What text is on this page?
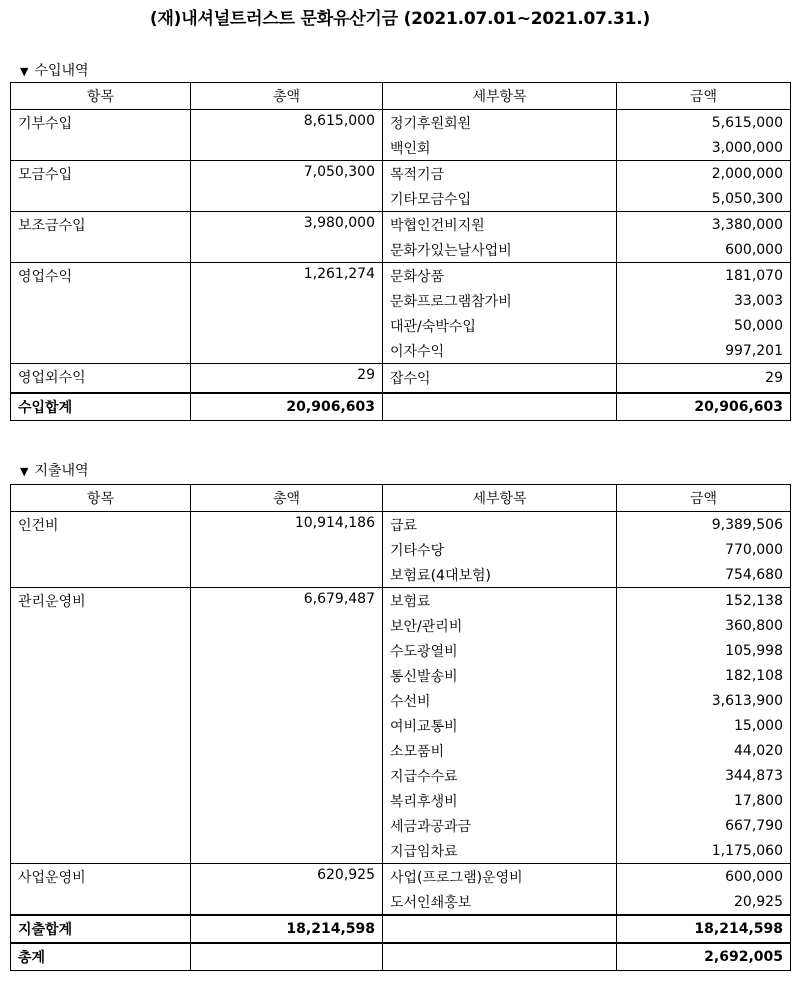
(재)내셔널트러스트 문화유산기금 (2021.07.01~2021.07.31.)
▼ 수입내역
항목	총액	세부항목	금액
기부수입	8,615,000	정기후원회원	5,615,000
		백인회	3,000,000
모금수입	7,050,300	목적기금	2,000,000
		기타모금수입	5,050,300
보조금수입	3,980,000	박협인건비지원	3,380,000
		문화가있는날사업비	600,000
영업수익	1,261,274	문화상품	181,070
		문화프로그램참가비	33,003
		대관/숙박수입	50,000
		이자수익	997,201
영업외수익	29	잡수익	29
수입합계	20,906,603		20,906,603
▼ 지출내역
항목	총액	세부항목	금액
인건비	10,914,186	급료	9,389,506
		기타수당	770,000
		보험료(4대보험)	754,680
관리운영비	6,679,487	보험료	152,138
		보안/관리비	360,800
		수도광열비	105,998
		통신발송비	182,108
		수선비	3,613,900
		여비교통비	15,000
		소모품비	44,020
		지급수수료	344,873
		복리후생비	17,800
		세금과공과금	667,790
		지급임차료	1,175,060
사업운영비	620,925	사업(프로그램)운영비	600,000
		도서인쇄홍보	20,925
지출합계	18,214,598		18,214,598
총계			2,692,005
